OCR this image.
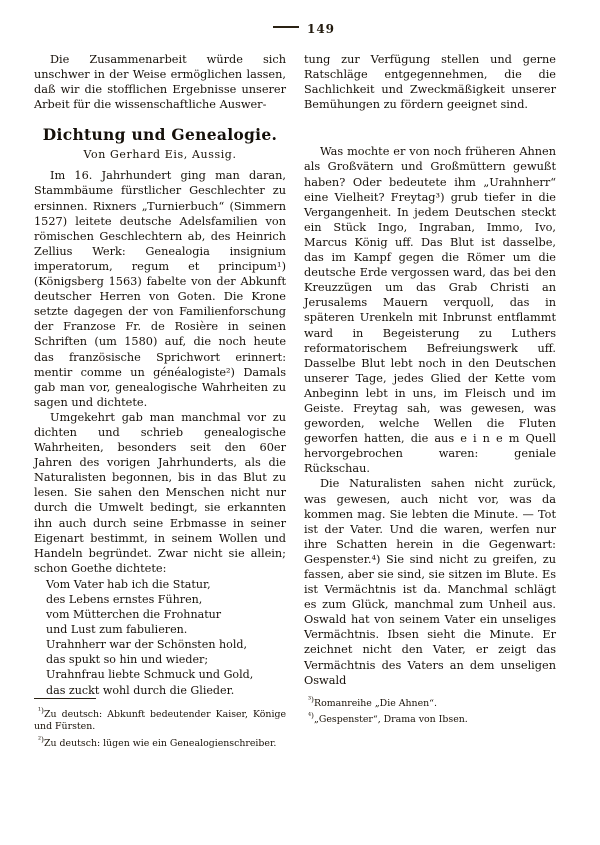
149

Die Zusammenarbeit würde sich unschwer in der Weise ermöglichen lassen, daß wir die stofflichen Ergebnisse unserer Arbeit für die wissenschaftliche Auswer-

Dichtung und Genealogie.
Von Gerhard Eis, Aussig.

Im 16. Jahrhundert ging man daran, Stammbäume fürstlicher Geschlechter zu ersinnen. Rixners „Turnierbuch“ (Simmern 1527) leitete deutsche Adelsfamilien von römischen Geschlechtern ab, des Heinrich Zellius Werk: Genealogia insignium imperatorum, regum et principum¹) (Königsberg 1563) fabelte von der Abkunft deutscher Herren von Goten. Die Krone setzte dagegen der von Familienforschung der Franzose Fr. de Rosière in seinen Schriften (um 1580) auf, die noch heute das französische Sprichwort erinnert: mentir comme un généalogiste²) Damals gab man vor, genealogische Wahrheiten zu sagen und dichtete.

Umgekehrt gab man manchmal vor zu dichten und schrieb genealogische Wahrheiten, besonders seit den 60er Jahren des vorigen Jahrhunderts, als die Naturalisten begonnen, bis in das Blut zu lesen. Sie sahen den Menschen nicht nur durch die Umwelt bedingt, sie erkannten ihn auch durch seine Erbmasse in seiner Eigenart bestimmt, in seinem Wollen und Handeln begründet. Zwar nicht sie allein; schon Goethe dichtete:

Vom Vater hab ich die Statur,
des Lebens ernstes Führen,
vom Mütterchen die Frohnatur
und Lust zum fabulieren.
Urahnherr war der Schönsten hold,
das spukt so hin und wieder;
Urahnfrau liebte Schmuck und Gold,
das zuckt wohl durch die Glieder.

$^{^1)}$Zu deutsch: Abkunft bedeutender Kaiser, Könige und Fürsten.

$^{^2)}$Zu deutsch: lügen wie ein Genealogienschreiber.

tung zur Verfügung stellen und gerne Ratschläge entgegennehmen, die die Sachlichkeit und Zweckmäßigkeit unserer Bemühungen zu fördern geeignet sind.

Was mochte er von noch früheren Ahnen als Großvätern und Großmüttern gewußt haben? Oder bedeutete ihm „Urahnherr“ eine Vielheit? Freytag³) grub tiefer in die Vergangenheit. In jedem Deutschen steckt ein Stück Ingo, Ingraban, Immo, Ivo, Marcus König uff. Das Blut ist dasselbe, das im Kampf gegen die Römer um die deutsche Erde vergossen ward, das bei den Kreuzzügen um das Grab Christi an Jerusalems Mauern verquoll, das in späteren Urenkeln mit Inbrunst entflammt ward in Begeisterung zu Luthers reformatorischem Befreiungswerk uff. Dasselbe Blut lebt noch in den Deutschen unserer Tage, jedes Glied der Kette vom Anbeginn lebt in uns, im Fleisch und im Geiste. Freytag sah, was gewesen, was geworden, welche Wellen die Fluten geworfen hatten, die aus e i n e m Quell hervorgebrochen waren: geniale Rückschau.

Die Naturalisten sahen nicht zurück, was gewesen, auch nicht vor, was da kommen mag. Sie lebten die Minute. — Tot ist der Vater. Und die waren, werfen nur ihre Schatten herein in die Gegenwart: Gespenster.⁴) Sie sind nicht zu greifen, zu fassen, aber sie sind, sie sitzen im Blute. Es ist Vermächtnis ist da. Manchmal schlägt es zum Glück, manchmal zum Unheil aus. Oswald hat von seinem Vater ein unseliges Vermächtnis. Ibsen sieht die Minute. Er zeichnet nicht den Vater, er zeigt das Vermächtnis des Vaters an dem unseligen Oswald

$^{^3)}$Romanreihe „Die Ahnen“.

$^{^4)}$„Gespenster“, Drama von Ibsen.
